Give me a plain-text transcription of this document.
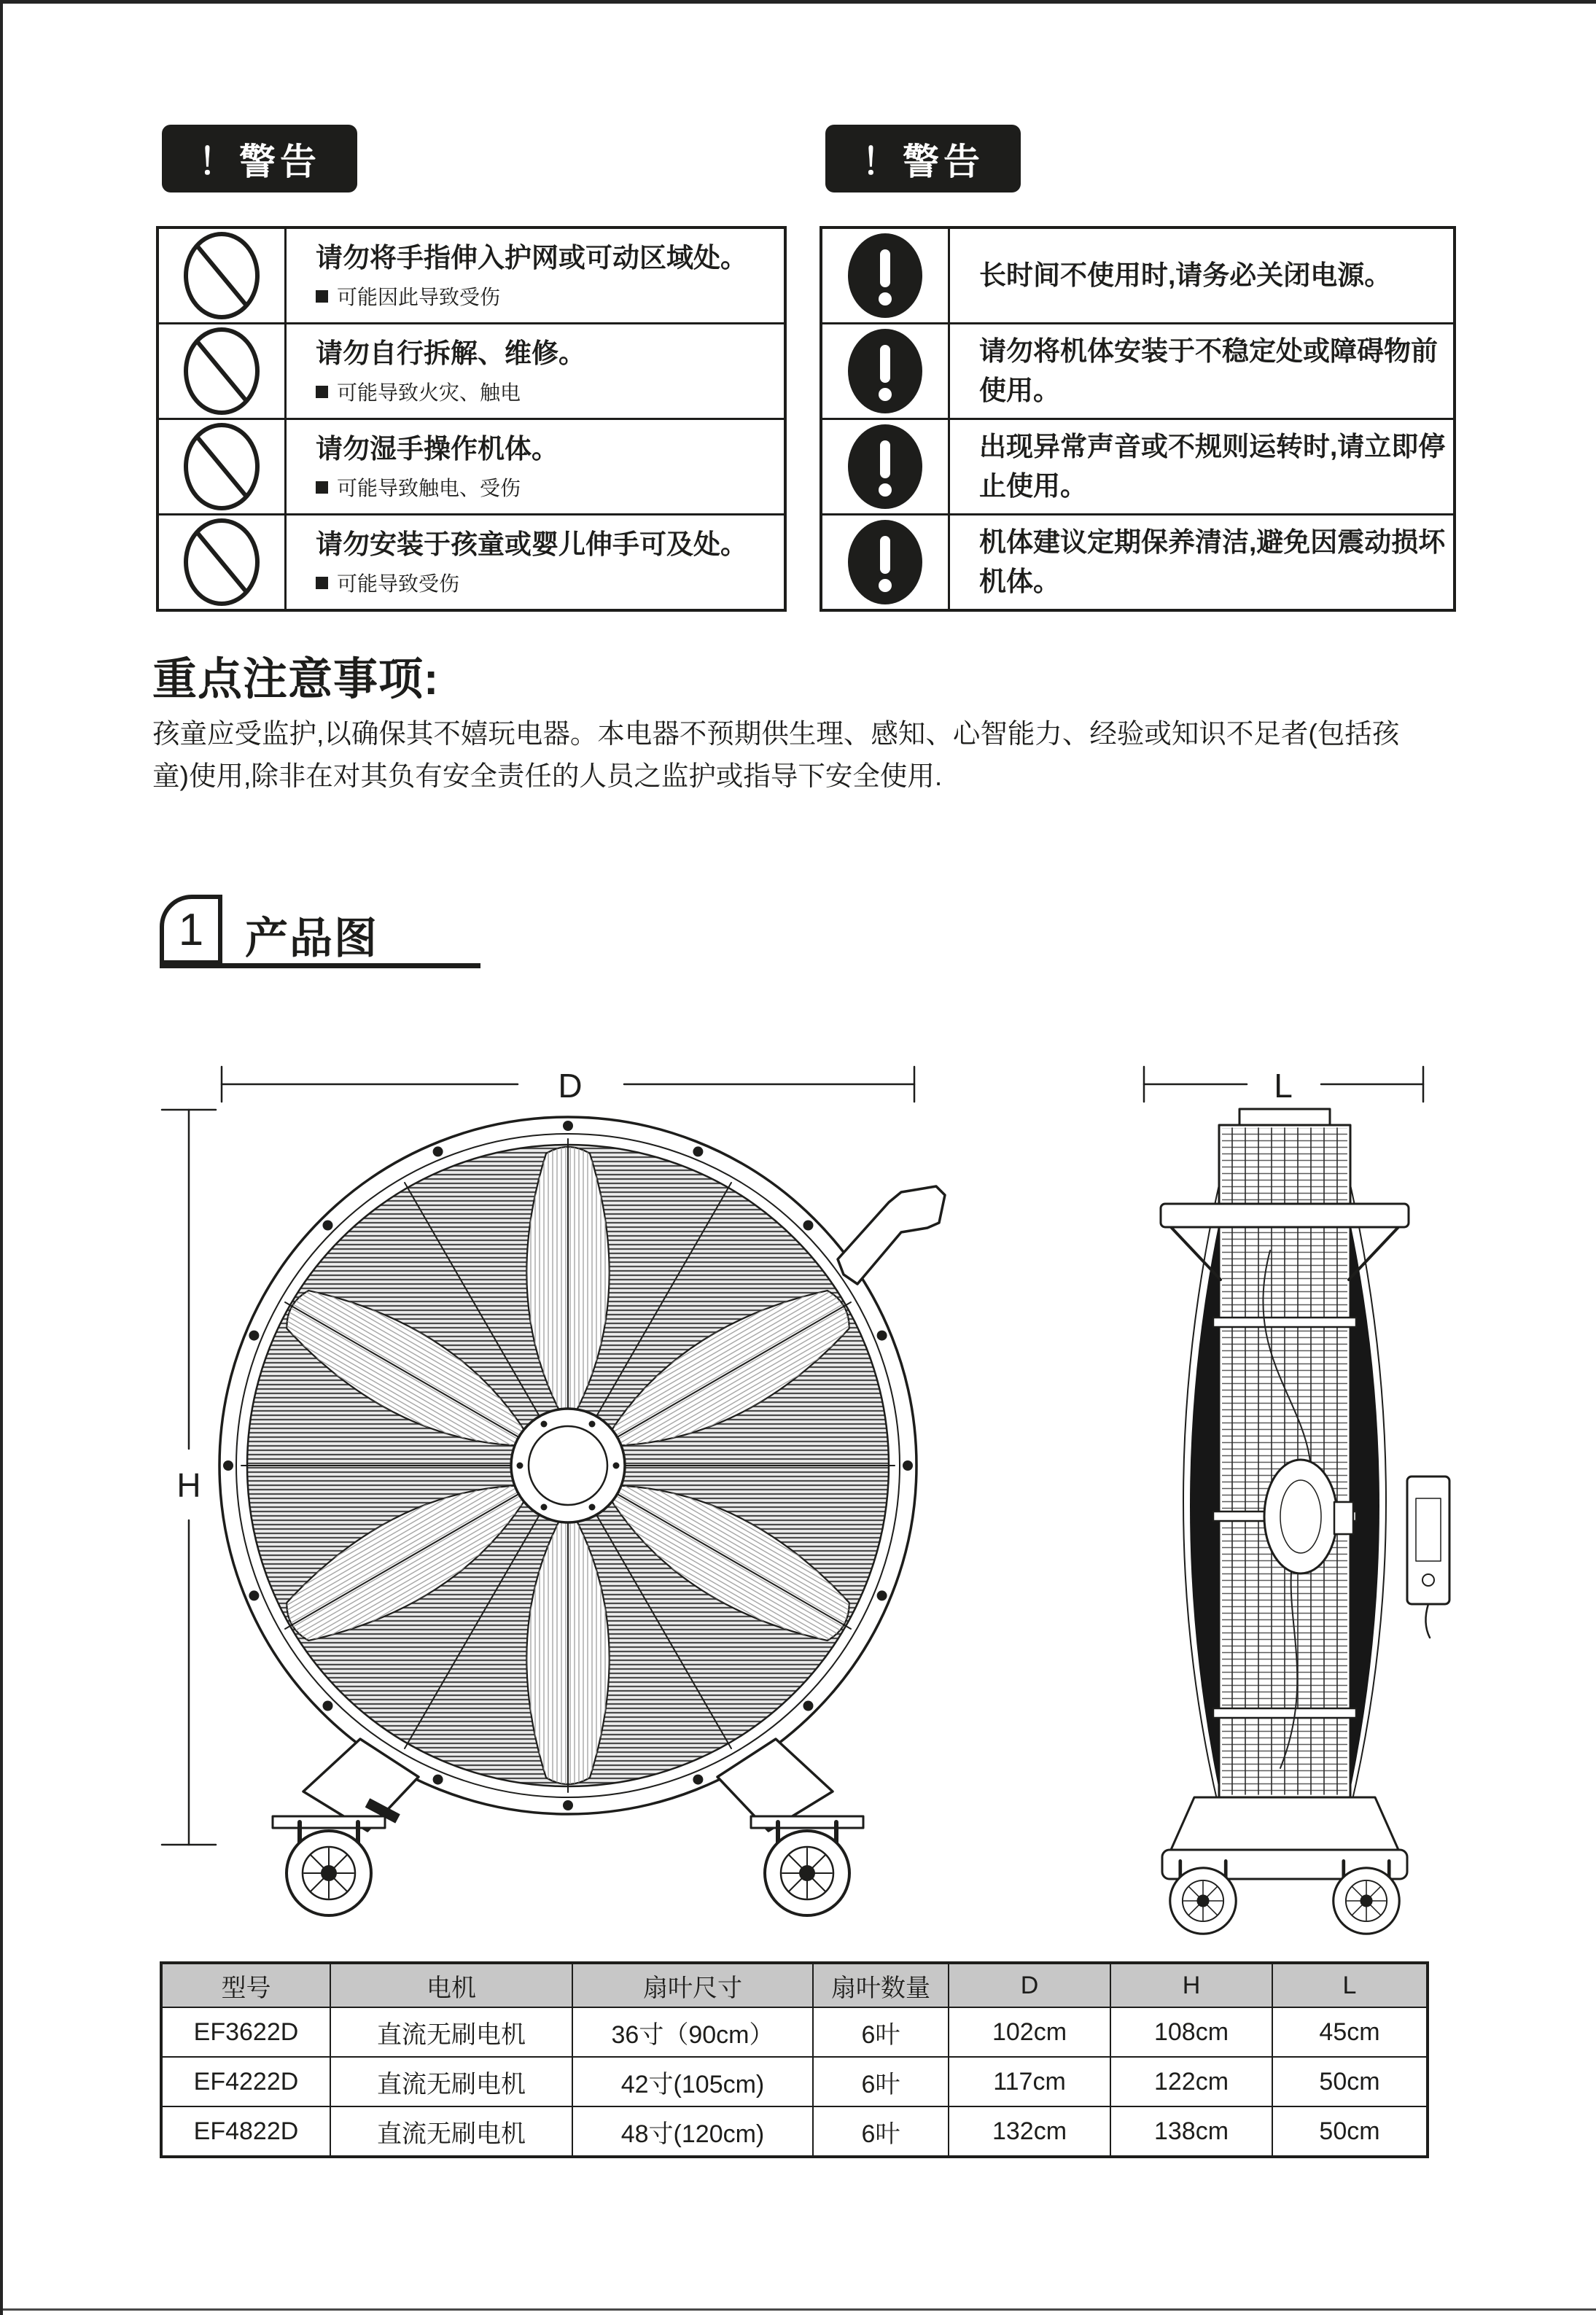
！警告	！警告
请勿将手指伸入护网或可动区域处。
可能因此导致受伤
请勿自行拆解、维修。
可能导致火灾、触电
请勿湿手操作机体。
可能导致触电、受伤
请勿安装于孩童或婴儿伸手可及处。
可能导致受伤
长时间不使用时,请务必关闭电源。
请勿将机体安装于不稳定处或障碍物前使用。
出现异常声音或不规则运转时,请立即停止使用。
机体建议定期保养清洁,避免因震动损坏机体。
重点注意事项:
孩童应受监护,以确保其不嬉玩电器。本电器不预期供生理、感知、心智能力、经验或知识不足者(包括孩童)使用,除非在对其负有安全责任的人员之监护或指导下安全使用.
1 产品图
D
H
L
型号	电机	扇叶尺寸	扇叶数量	D	H	L
EF3622D	直流无刷电机	36寸（90cm）	6叶	102cm	108cm	45cm
EF4222D	直流无刷电机	42寸(105cm)	6叶	117cm	122cm	50cm
EF4822D	直流无刷电机	48寸(120cm)	6叶	132cm	138cm	50cm
